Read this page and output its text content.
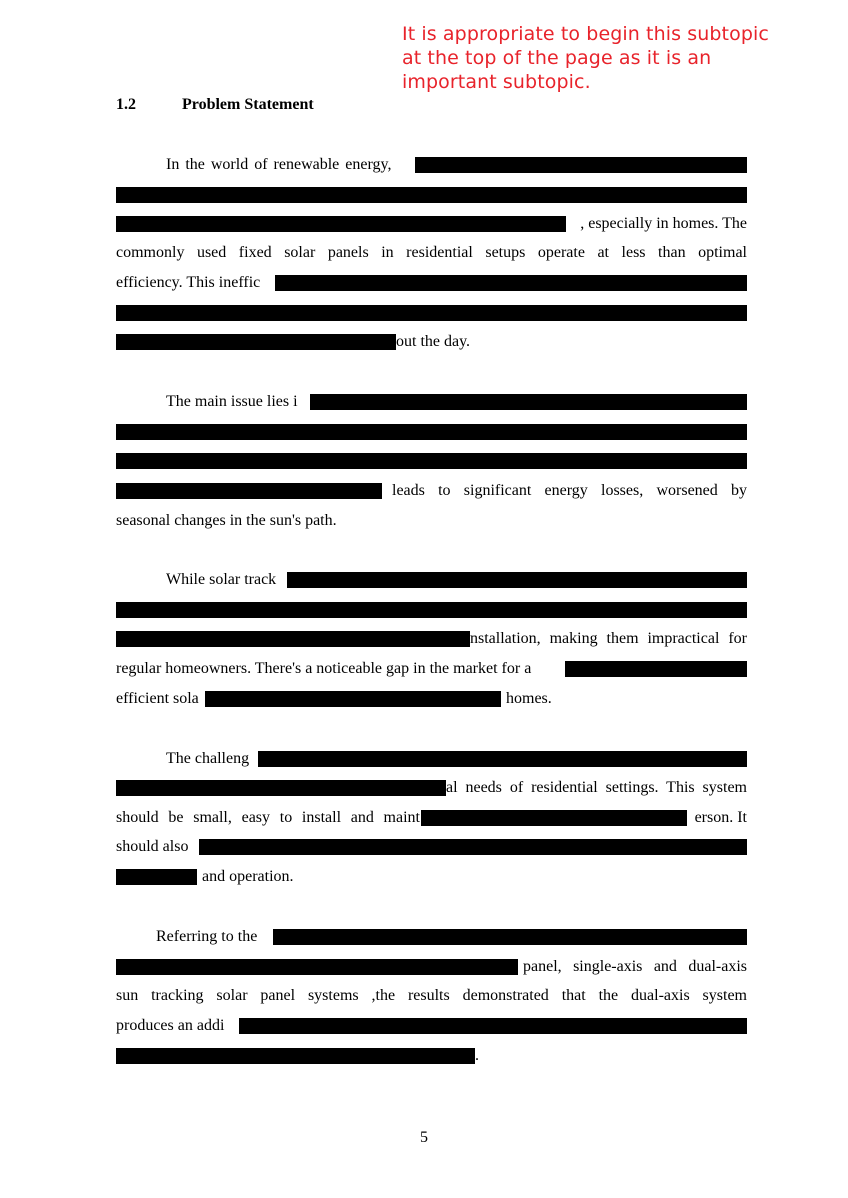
It is appropriate to begin this subtopic
at the top of the page as it is an
important subtopic.
1.2	Problem Statement
In the world of renewable energy,
, especially in homes. The
commonly used fixed solar panels in residential setups operate at less than optimal
efficiency. This ineffic
out the day.
The main issue lies i
leads to significant energy losses, worsened by
seasonal changes in the sun's path.
While solar track
nstallation, making them impractical for
regular homeowners. There's a noticeable gap in the market for a
efficient sola	homes.
The challeng
al needs of residential settings. This system
should be small, easy to install and maint	erson. It
should also
and operation.
Referring to the
panel, single-axis and dual-axis
sun tracking solar panel systems ,the results demonstrated that the dual-axis system
produces an addi
.
5
